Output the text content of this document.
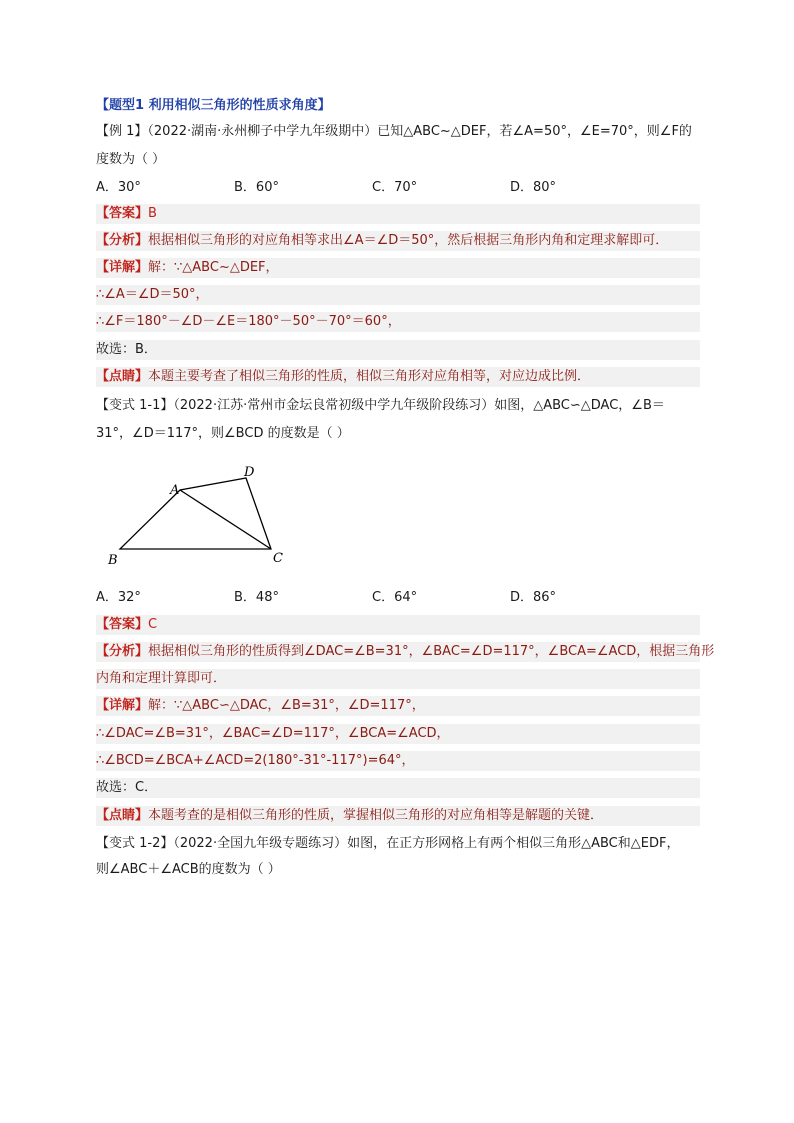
【题型1 利用相似三角形的性质求角度】
【例 1】（2022·湖南·永州柳子中学九年级期中）已知△ABC~△DEF，若∠A=50°，∠E=70°，则∠F的
度数为（ ）
A．30°	B．60°	C．70°	D．80°
【答案】B
【分析】根据相似三角形的对应角相等求出∠A＝∠D＝50°，然后根据三角形内角和定理求解即可．
【详解】解：∵△ABC~△DEF，
∴∠A＝∠D＝50°，
∴∠F＝180°－∠D－∠E＝180°－50°－70°＝60°，
故选：B．
【点睛】本题主要考查了相似三角形的性质，相似三角形对应角相等，对应边成比例．
【变式 1-1】（2022·江苏·常州市金坛良常初级中学九年级阶段练习）如图，△ABC∽△DAC，∠B＝
31°，∠D＝117°，则∠BCD 的度数是（ ）
A
B	C
D
A．32°	B．48°	C．64°	D．86°
【答案】C
【分析】根据相似三角形的性质得到∠DAC=∠B=31°，∠BAC=∠D=117°，∠BCA=∠ACD，根据三角形
内角和定理计算即可．
【详解】解：∵△ABC∽△DAC，∠B=31°，∠D=117°，
∴∠DAC=∠B=31°，∠BAC=∠D=117°，∠BCA=∠ACD，
∴∠BCD=∠BCA+∠ACD=2(180°-31°-117°)=64°，
故选：C．
【点睛】本题考查的是相似三角形的性质，掌握相似三角形的对应角相等是解题的关键．
【变式 1-2】（2022·全国九年级专题练习）如图，在正方形网格上有两个相似三角形△ABC和△EDF，
则∠ABC＋∠ACB的度数为（ ）
